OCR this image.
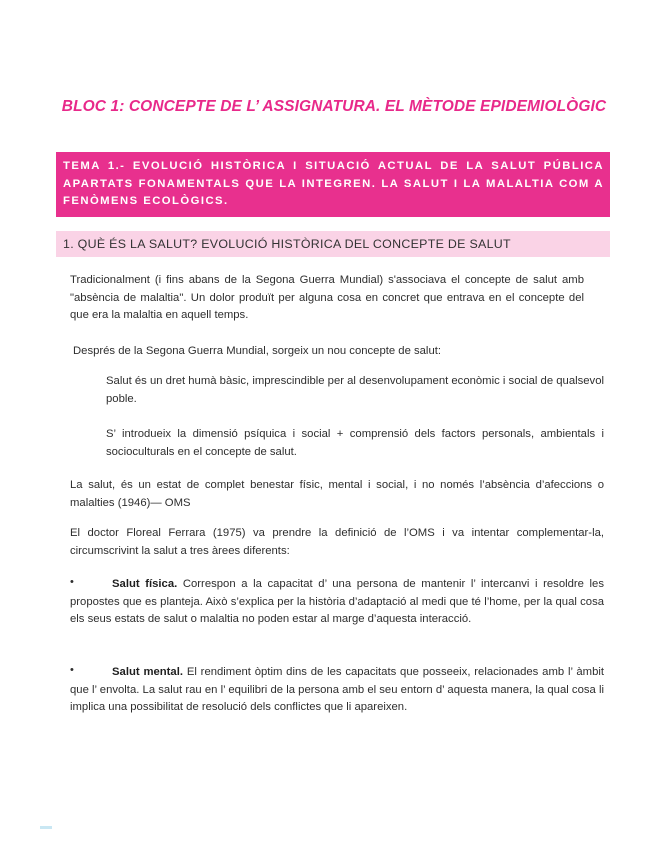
BLOC 1: CONCEPTE DE L’ ASSIGNATURA. EL MÈTODE EPIDEMIOLÒGIC
TEMA 1.- EVOLUCIÓ HISTÒRICA I SITUACIÓ ACTUAL DE LA SALUT PÚBLICA APARTATS FONAMENTALS QUE LA INTEGREN. LA SALUT I LA MALALTIA COM A FENÒMENS ECOLÒGICS.
1. QUÈ ÉS LA SALUT? EVOLUCIÓ HISTÒRICA DEL CONCEPTE DE SALUT

Tradicionalment (i fins abans de la Segona Guerra Mundial) s'associava el concepte de salut amb "absència de malaltia". Un dolor produït per alguna cosa en concret que entrava en el concepte del que era la malaltia en aquell temps.

Després de la Segona Guerra Mundial, sorgeix un nou concepte de salut:

Salut és un dret humà bàsic, imprescindible per al desenvolupament econòmic i social de qualsevol poble.

S’ introdueix la dimensió psíquica i social + comprensió dels factors personals, ambientals i socioculturals en el concepte de salut.

La salut, és un estat de complet benestar físic, mental i social, i no només l’absència d’afeccions o malalties (1946)— OMS

El doctor Floreal Ferrara (1975) va prendre la definició de l’OMS i va intentar complementar-la, circumscrivint la salut a tres àrees diferents:

•	Salut física. Correspon a la capacitat d’ una persona de mantenir l’ intercanvi i resoldre les propostes que es planteja. Això s’explica per la història d’adaptació al medi que té l’home, per la qual cosa els seus estats de salut o malaltia no poden estar al marge d’aquesta interacció.

•	Salut mental. El rendiment òptim dins de les capacitats que posseeix, relacionades amb l’ àmbit que l’ envolta. La salut rau en l’ equilibri de la persona amb el seu entorn d’ aquesta manera, la qual cosa li implica una possibilitat de resolució dels conflictes que li apareixen.
